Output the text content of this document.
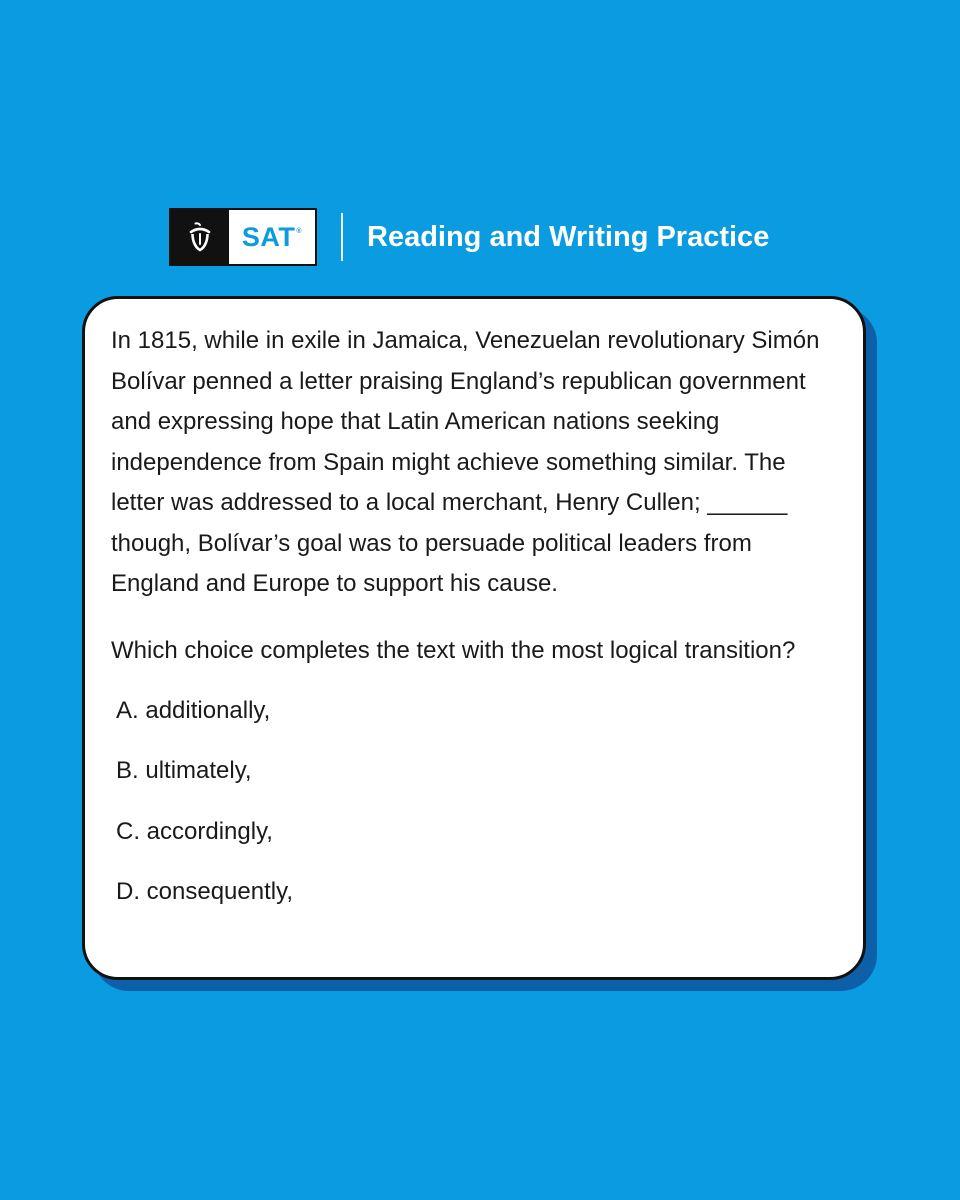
SAT® Reading and Writing Practice

In 1815, while in exile in Jamaica, Venezuelan revolutionary Simón Bolívar penned a letter praising England’s republican government and expressing hope that Latin American nations seeking independence from Spain might achieve something similar. The letter was addressed to a local merchant, Henry Cullen; ______ though, Bolívar’s goal was to persuade political leaders from England and Europe to support his cause.

Which choice completes the text with the most logical transition?

A. additionally,
B. ultimately,
C. accordingly,
D. consequently,
